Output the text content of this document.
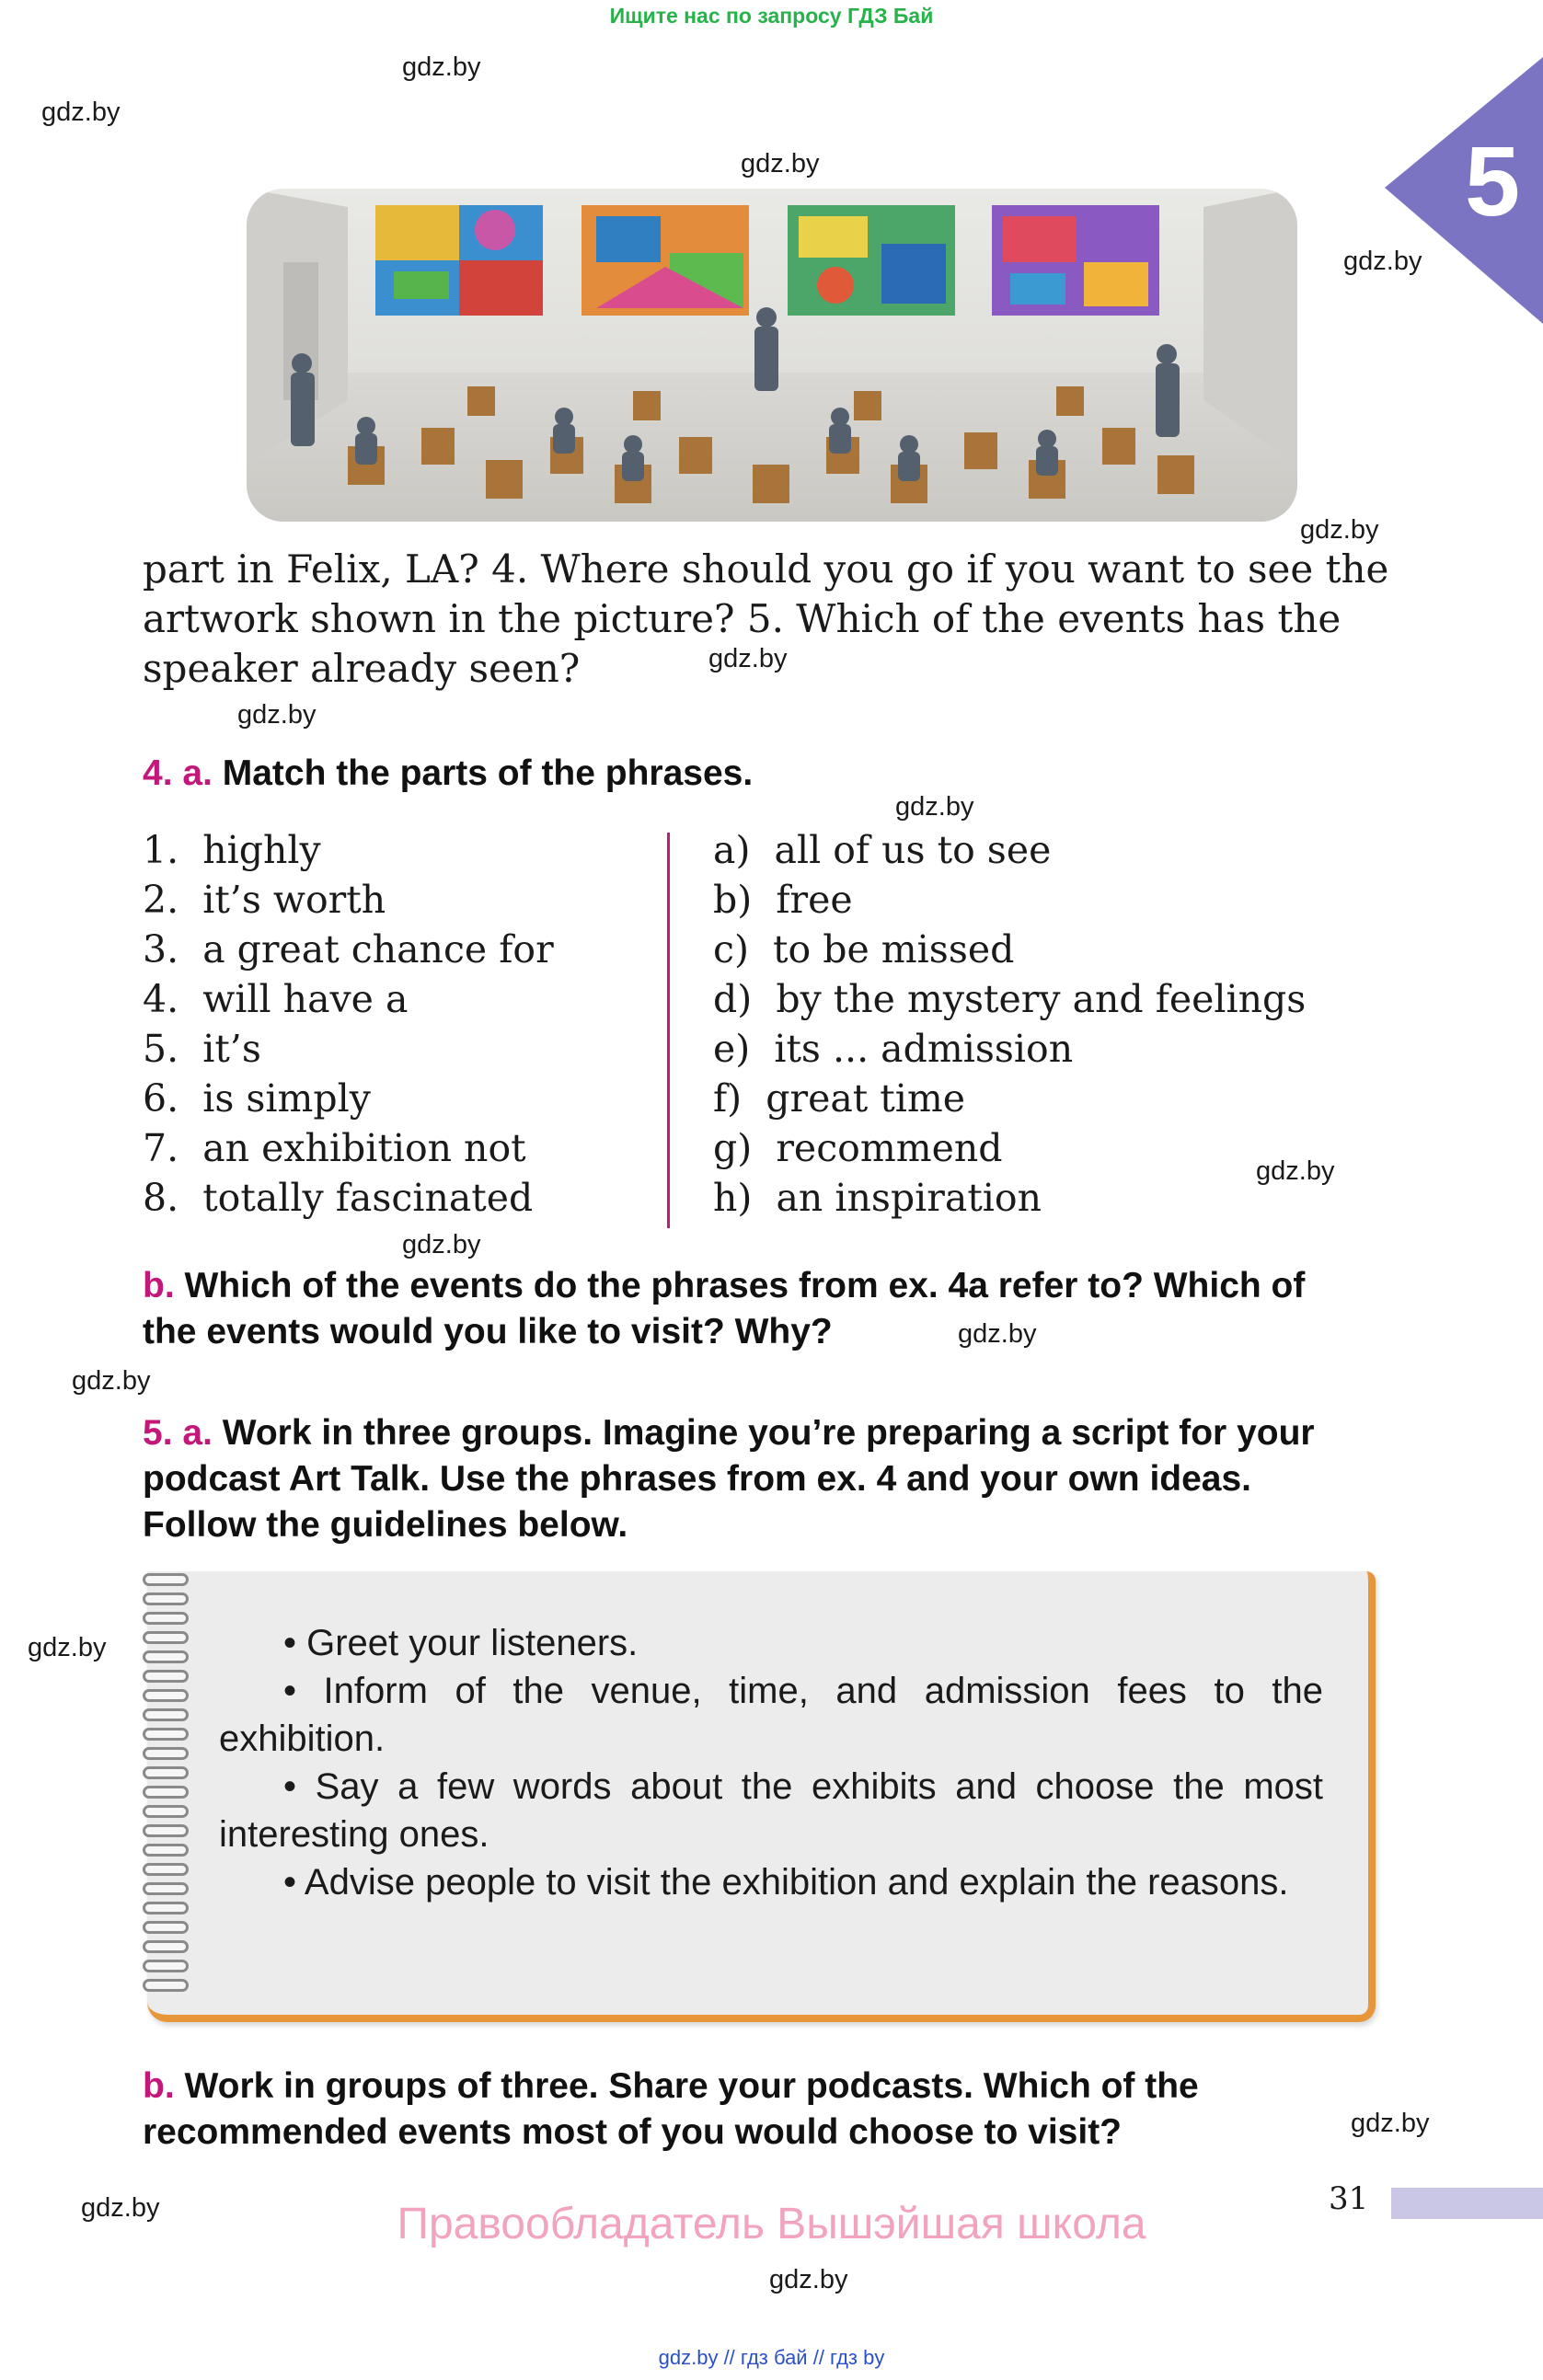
Ищите нас по запросу ГДЗ Бай
5
gdz.by
gdz.by
gdz.by
gdz.by
gdz.by
gdz.by
gdz.by
gdz.by
gdz.by
gdz.by
gdz.by
gdz.by
gdz.by
gdz.by
gdz.by
gdz.by
part in Felix, LA? 4. Where should you go if you want to see the
artwork shown in the picture? 5. Which of the events has the
speaker already seen?
4. a. Match the parts of the phrases.
1. highly
2. it’s worth
3. a great chance for
4. will have a
5. it’s
6. is simply
7. an exhibition not
8. totally fascinated
a) all of us to see
b) free
c) to be missed
d) by the mystery and feelings
e) its ... admission
f) great time
g) recommend
h) an inspiration
b. Which of the events do the phrases from ex. 4a refer to? Which of
the events would you like to visit? Why?
5. a. Work in three groups. Imagine you’re preparing a script for your
podcast Art Talk. Use the phrases from ex. 4 and your own ideas.
Follow the guidelines below.

• Greet your listeners.

• Inform of the venue, time, and admission fees to the exhibition.

• Say a few words about the exhibits and choose the most interesting ones.

• Advise people to visit the exhibition and explain the reasons.

b. Work in groups of three. Share your podcasts. Which of the
recommended events most of you would choose to visit?
31
Правообладатель Вышэйшая школа
gdz.by // гдз бай // гдз by
